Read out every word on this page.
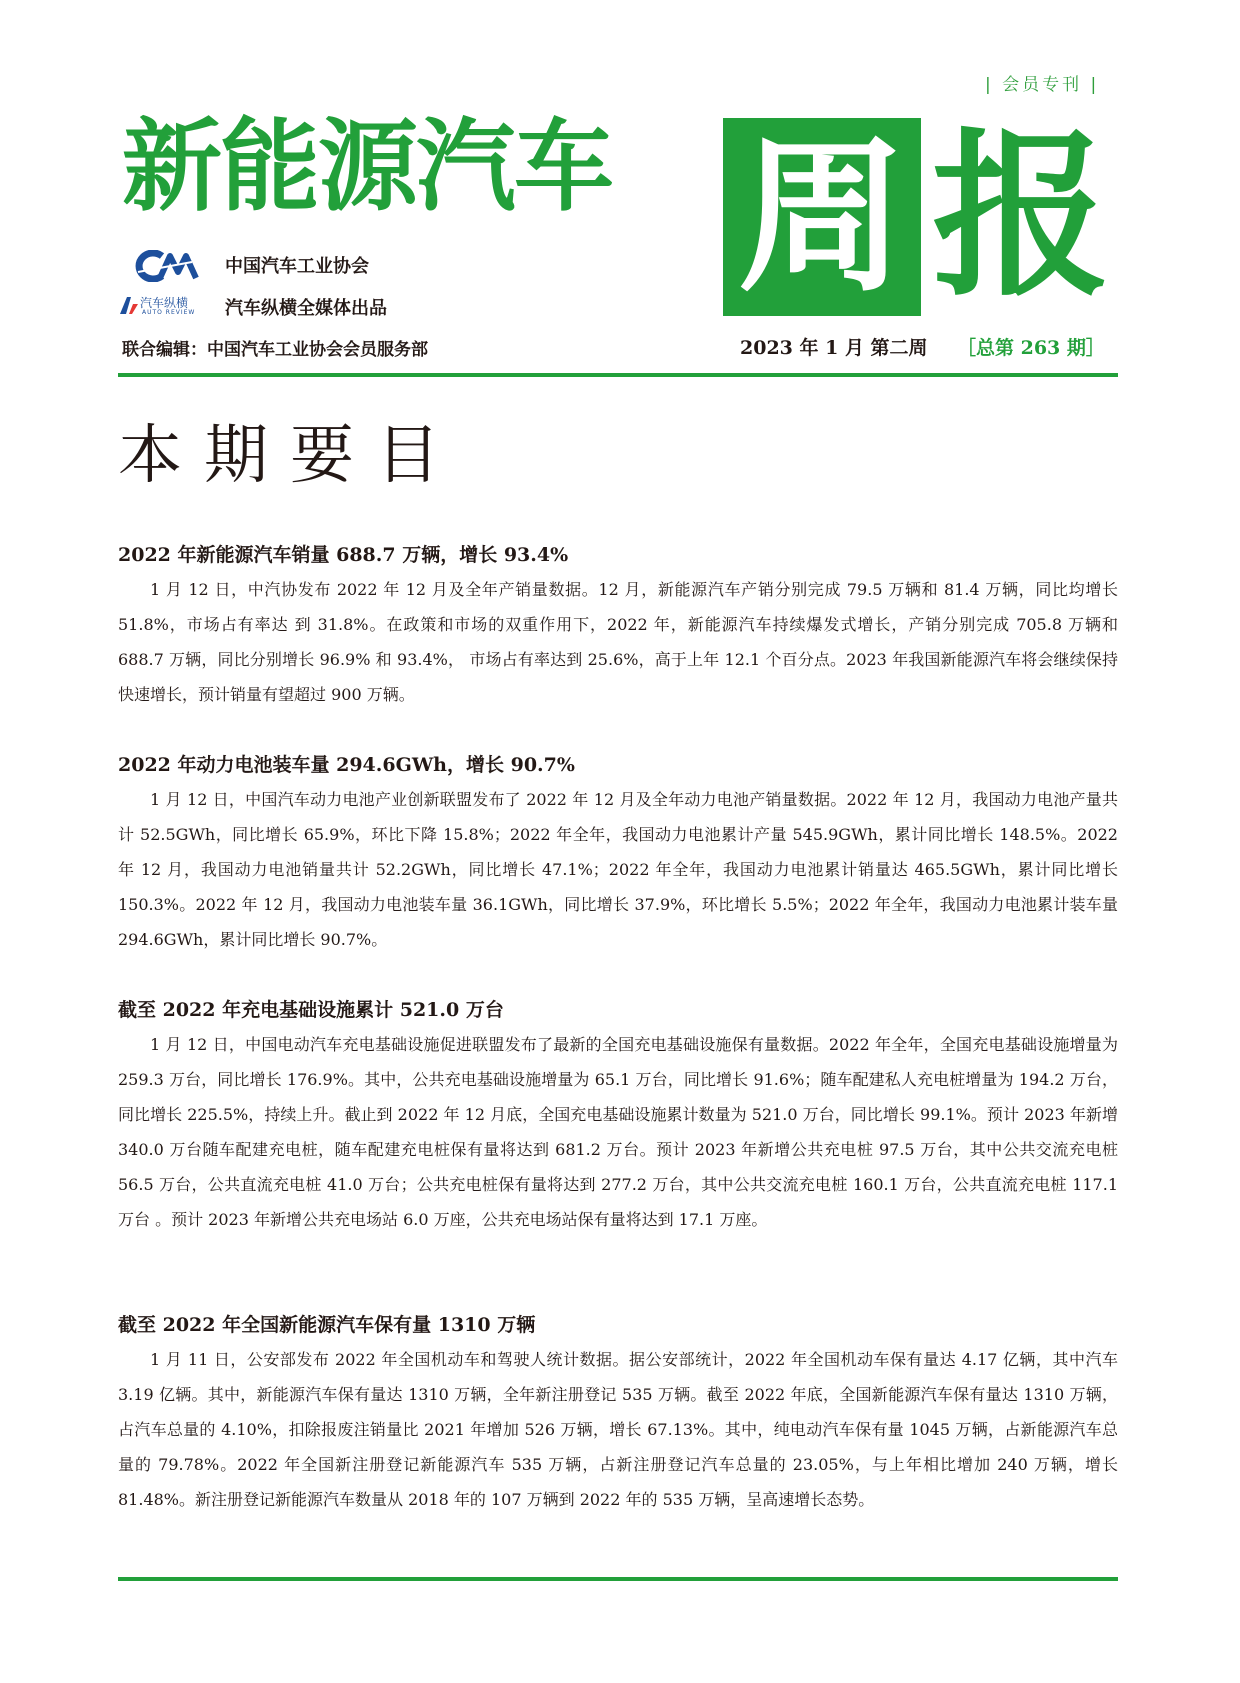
| 会员专刊 |
新能源汽车 周 报
中国汽车工业协会
汽车纵横
AUTO REVIEW 汽车纵横全媒体出品
联合编辑：中国汽车工业协会会员服务部	2023 年 1 月 第二周 ［总第 263 期］
本期要目
2022 年新能源汽车销量 688.7 万辆，增长 93.4%

1 月 12 日，中汽协发布 2022 年 12 月及全年产销量数据。12 月，新能源汽车产销分别完成 79.5 万辆和 81.4 万辆，同比均增长 51.8%，市场占有率达 到 31.8%。在政策和市场的双重作用下，2022 年，新能源汽车持续爆发式增长，产销分别完成 705.8 万辆和 688.7 万辆，同比分别增长 96.9% 和 93.4%， 市场占有率达到 25.6%，高于上年 12.1 个百分点。2023 年我国新能源汽车将会继续保持快速增长，预计销量有望超过 900 万辆。

2022 年动力电池装车量 294.6GWh，增长 90.7%

1 月 12 日，中国汽车动力电池产业创新联盟发布了 2022 年 12 月及全年动力电池产销量数据。2022 年 12 月，我国动力电池产量共计 52.5GWh，同比增长 65.9%，环比下降 15.8%；2022 年全年，我国动力电池累计产量 545.9GWh，累计同比增长 148.5%。2022 年 12 月，我国动力电池销量共计 52.2GWh，同比增长 47.1%；2022 年全年，我国动力电池累计销量达 465.5GWh，累计同比增长 150.3%。2022 年 12 月，我国动力电池装车量 36.1GWh，同比增长 37.9%，环比增长 5.5%；2022 年全年，我国动力电池累计装车量 294.6GWh，累计同比增长 90.7%。

截至 2022 年充电基础设施累计 521.0 万台

1 月 12 日，中国电动汽车充电基础设施促进联盟发布了最新的全国充电基础设施保有量数据。2022 年全年，全国充电基础设施增量为 259.3 万台，同比增长 176.9%。其中，公共充电基础设施增量为 65.1 万台，同比增长 91.6%；随车配建私人充电桩增量为 194.2 万台，同比增长 225.5%，持续上升。截止到 2022 年 12 月底，全国充电基础设施累计数量为 521.0 万台，同比增长 99.1%。预计 2023 年新增 340.0 万台随车配建充电桩，随车配建充电桩保有量将达到 681.2 万台。预计 2023 年新增公共充电桩 97.5 万台，其中公共交流充电桩 56.5 万台，公共直流充电桩 41.0 万台；公共充电桩保有量将达到 277.2 万台，其中公共交流充电桩 160.1 万台，公共直流充电桩 117.1 万台 。预计 2023 年新增公共充电场站 6.0 万座，公共充电场站保有量将达到 17.1 万座。

截至 2022 年全国新能源汽车保有量 1310 万辆

1 月 11 日，公安部发布 2022 年全国机动车和驾驶人统计数据。据公安部统计，2022 年全国机动车保有量达 4.17 亿辆，其中汽车 3.19 亿辆。其中，新能源汽车保有量达 1310 万辆，全年新注册登记 535 万辆。截至 2022 年底，全国新能源汽车保有量达 1310 万辆，占汽车总量的 4.10%，扣除报废注销量比 2021 年增加 526 万辆，增长 67.13%。其中，纯电动汽车保有量 1045 万辆，占新能源汽车总量的 79.78%。2022 年全国新注册登记新能源汽车 535 万辆，占新注册登记汽车总量的 23.05%，与上年相比增加 240 万辆，增长 81.48%。新注册登记新能源汽车数量从 2018 年的 107 万辆到 2022 年的 535 万辆，呈高速增长态势。
